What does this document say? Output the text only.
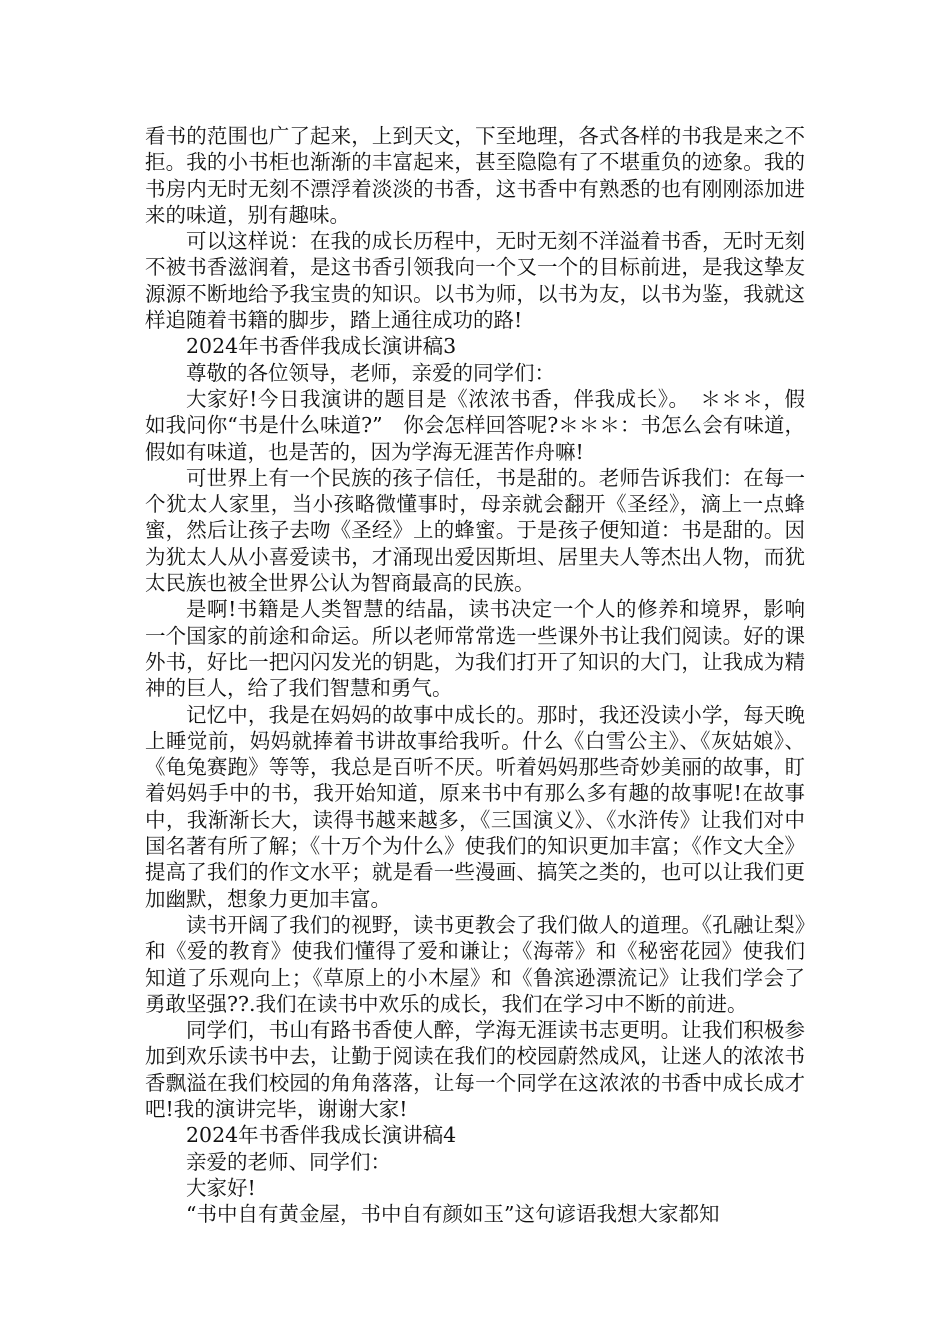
看书的范围也广了起来，上到天文，下至地理，各式各样的书我是来之不拒。我的小书柜也渐渐的丰富起来，甚至隐隐有了不堪重负的迹象。我的书房内无时无刻不漂浮着淡淡的书香，这书香中有熟悉的也有刚刚添加进来的味道，别有趣味。

可以这样说：在我的成长历程中，无时无刻不洋溢着书香，无时无刻不被书香滋润着，是这书香引领我向一个又一个的目标前进，是我这挚友源源不断地给予我宝贵的知识。以书为师，以书为友，以书为鉴，我就这样追随着书籍的脚步，踏上通往成功的路!

2024年书香伴我成长演讲稿3

尊敬的各位领导，老师，亲爱的同学们：

大家好!今日我演讲的题目是《浓浓书香，伴我成长》。　＊＊＊，假如我问你“书是什么味道?”　你会怎样回答呢?＊＊＊：书怎么会有味道，假如有味道，也是苦的，因为学海无涯苦作舟嘛!

可世界上有一个民族的孩子信任，书是甜的。老师告诉我们：在每一个犹太人家里，当小孩略微懂事时，母亲就会翻开《圣经》，滴上一点蜂蜜，然后让孩子去吻《圣经》上的蜂蜜。于是孩子便知道：书是甜的。因为犹太人从小喜爱读书，才涌现出爱因斯坦、居里夫人等杰出人物，而犹太民族也被全世界公认为智商最高的民族。

是啊!书籍是人类智慧的结晶，读书决定一个人的修养和境界，影响一个国家的前途和命运。所以老师常常选一些课外书让我们阅读。好的课外书，好比一把闪闪发光的钥匙，为我们打开了知识的大门，让我成为精神的巨人，给了我们智慧和勇气。

记忆中，我是在妈妈的故事中成长的。那时，我还没读小学，每天晚上睡觉前，妈妈就捧着书讲故事给我听。什么《白雪公主》、《灰姑娘》、《龟兔赛跑》等等，我总是百听不厌。听着妈妈那些奇妙美丽的故事，盯着妈妈手中的书，我开始知道，原来书中有那么多有趣的故事呢!在故事中，我渐渐长大，读得书越来越多，《三国演义》、《水浒传》让我们对中国名著有所了解；《十万个为什么》使我们的知识更加丰富；《作文大全》提高了我们的作文水平；就是看一些漫画、搞笑之类的，也可以让我们更加幽默，想象力更加丰富。

读书开阔了我们的视野，读书更教会了我们做人的道理。《孔融让梨》和《爱的教育》使我们懂得了爱和谦让；《海蒂》和《秘密花园》使我们知道了乐观向上；《草原上的小木屋》和《鲁滨逊漂流记》让我们学会了勇敢坚强??.我们在读书中欢乐的成长，我们在学习中不断的前进。

同学们，书山有路书香使人醉，学海无涯读书志更明。让我们积极参加到欢乐读书中去，让勤于阅读在我们的校园蔚然成风，让迷人的浓浓书香飘溢在我们校园的角角落落，让每一个同学在这浓浓的书香中成长成才吧!我的演讲完毕，谢谢大家!

2024年书香伴我成长演讲稿4

亲爱的老师、同学们：

大家好!

“书中自有黄金屋，书中自有颜如玉”这句谚语我想大家都知
